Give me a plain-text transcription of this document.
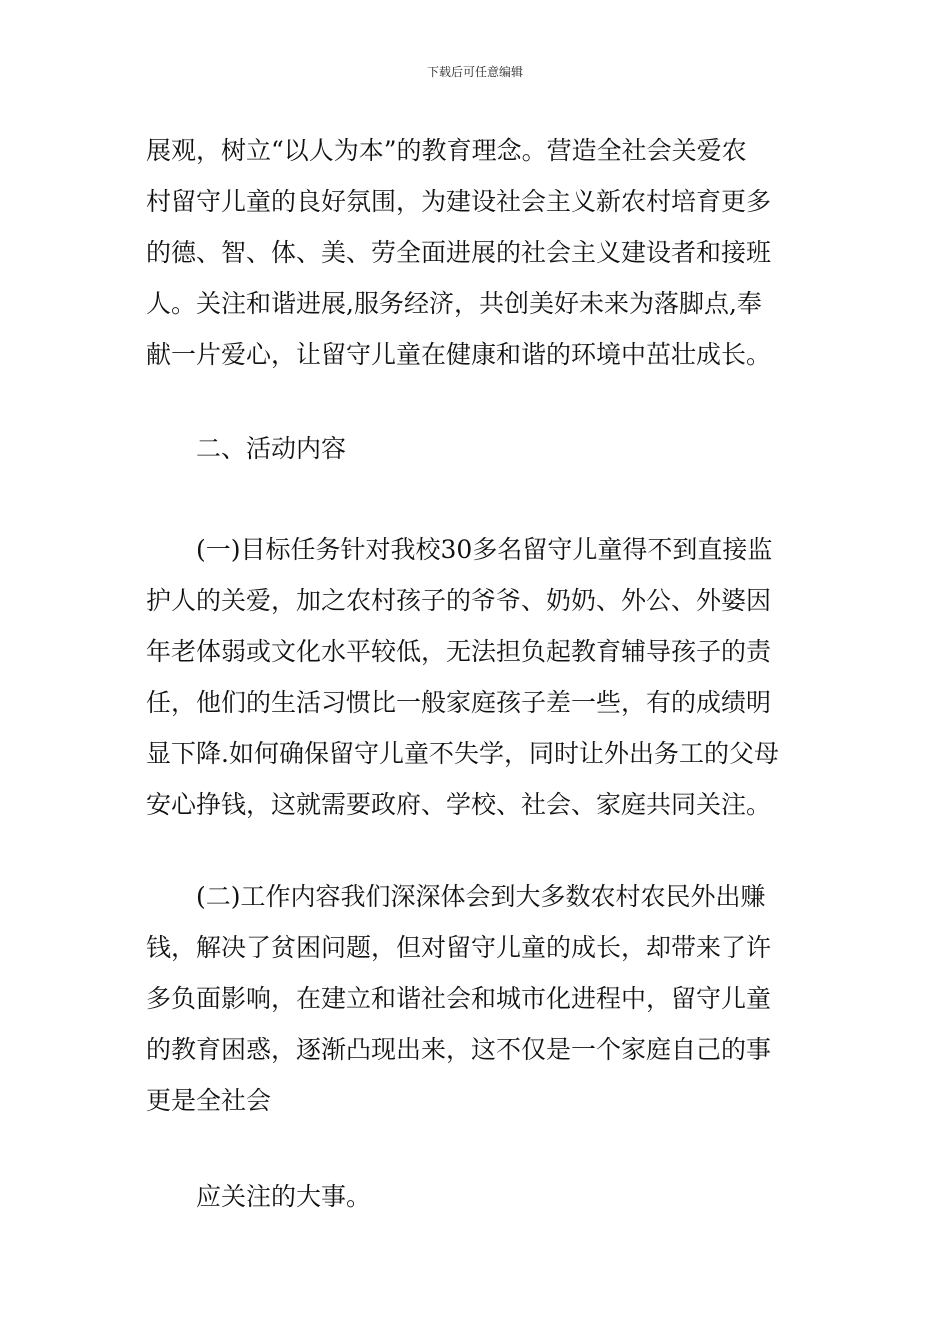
下载后可任意编辑

展观，树立“以人为本”的教育理念。营造全社会关爱农
村留守儿童的良好氛围，为建设社会主义新农村培育更多
的德、智、体、美、劳全面进展的社会主义建设者和接班
人。关注和谐进展,服务经济，共创美好未来为落脚点,奉
献一片爱心，让留守儿童在健康和谐的环境中茁壮成长。

二、活动内容

(一)目标任务针对我校30多名留守儿童得不到直接监
护人的关爱，加之农村孩子的爷爷、奶奶、外公、外婆因
年老体弱或文化水平较低，无法担负起教育辅导孩子的责
任，他们的生活习惯比一般家庭孩子差一些，有的成绩明
显下降.如何确保留守儿童不失学，同时让外出务工的父母
安心挣钱，这就需要政府、学校、社会、家庭共同关注。

(二)工作内容我们深深体会到大多数农村农民外出赚
钱，解决了贫困问题，但对留守儿童的成长，却带来了许
多负面影响，在建立和谐社会和城市化进程中，留守儿童
的教育困惑，逐渐凸现出来，这不仅是一个家庭自己的事
更是全社会

应关注的大事。
